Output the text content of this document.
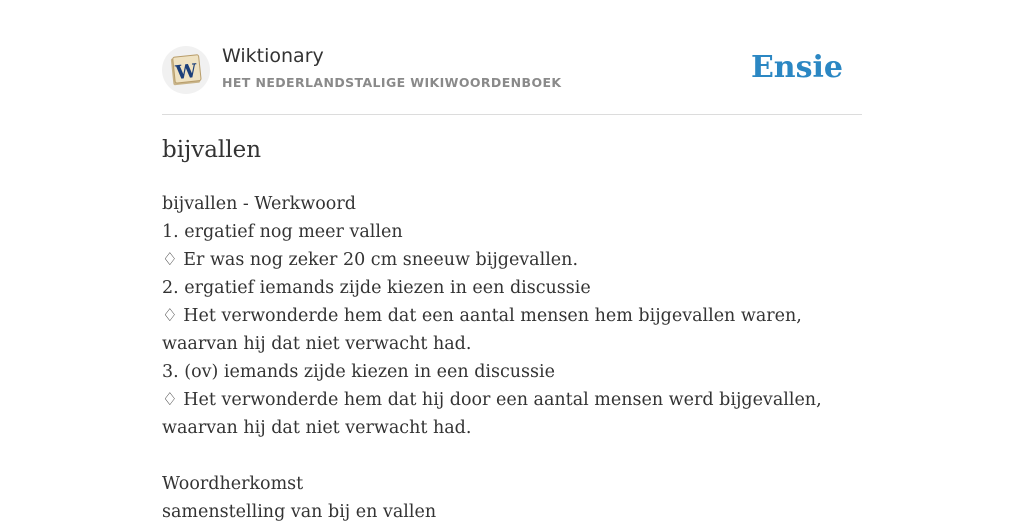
W
Wiktionary
HET NEDERLANDSTALIGE WIKIWOORDENBOEK	Ensie
bijvallen

bijvallen - Werkwoord

1. ergatief nog meer vallen

♢ Er was nog zeker 20 cm sneeuw bijgevallen.

2. ergatief iemands zijde kiezen in een discussie

♢ Het verwonderde hem dat een aantal mensen hem bijgevallen waren, waarvan hij dat niet verwacht had.

3. (ov) iemands zijde kiezen in een discussie

♢ Het verwonderde hem dat hij door een aantal mensen werd bijgevallen, waarvan hij dat niet verwacht had.

Woordherkomst

samenstelling van bij en vallen
